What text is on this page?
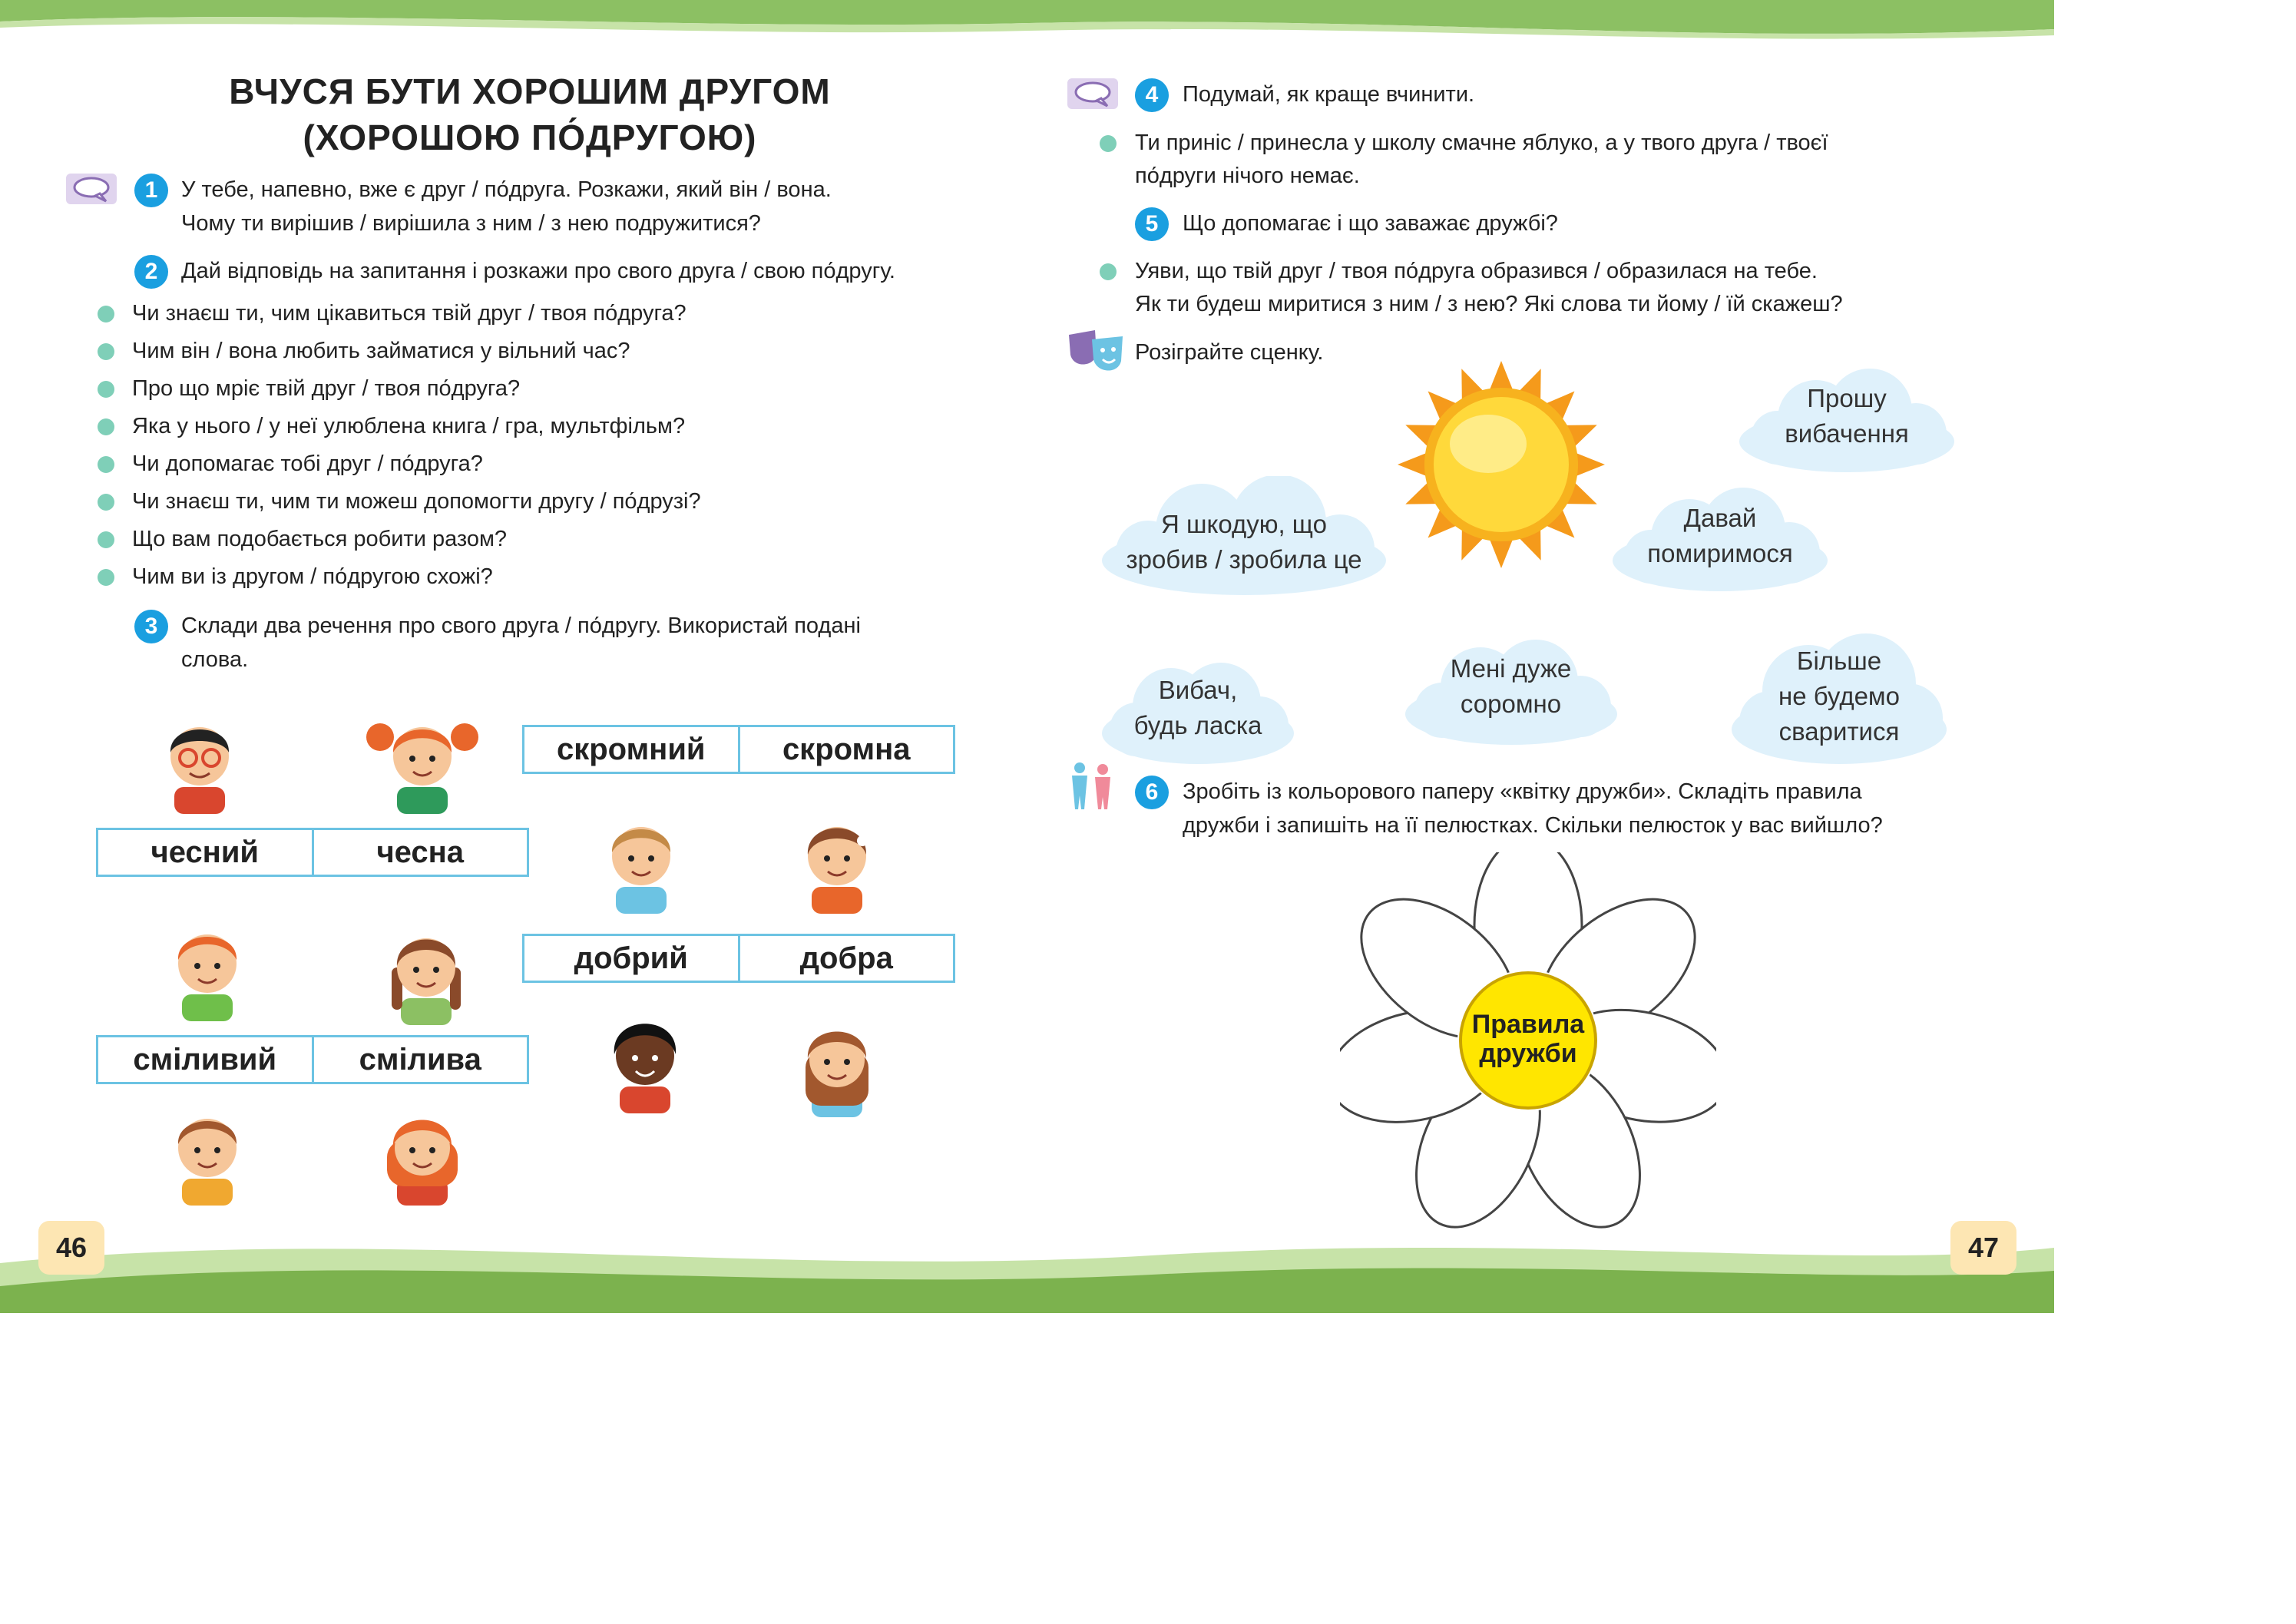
ВЧУСЯ БУТИ ХОРОШИМ ДРУГОМ
(ХОРОШОЮ ПО́ДРУГОЮ)
1	У тебе, напевно, вже є друг / по́друга. Розкажи, який він / вона.
Чому ти вирішив / вирішила з ним / з нею подружитися?
2	Дай відповідь на запитання і розкажи про свого друга / свою по́другу.
Чи знаєш ти, чим цікавиться твій друг / твоя по́друга?
Чим він / вона любить займатися у вільний час?
Про що мріє твій друг / твоя по́друга?
Яка у нього / у неї улюблена книга / гра, мультфільм?
Чи допомагає тобі друг / по́друга?
Чи знаєш ти, чим ти можеш допомогти другу / по́друзі?
Що вам подобається робити разом?
Чим ви із другом / по́другою схожі?
3	Склади два речення про свого друга / по́другу. Використай подані
слова.
скромний	скромна
чесний	чесна
добрий	добра
сміливий	смілива
46
4	Подумай, як краще вчинити.
Ти приніс / принесла у школу смачне яблуко, а у твого друга / твоєї
по́други нічого немає.
5	Що допомагає і що заважає дружбі?
Уяви, що твій друг / твоя по́друга образився / образилася на тебе.
Як ти будеш миритися з ним / з нею? Які слова ти йому / їй скажеш?
Розіграйте сценку.
Прошу
вибачення
Я шкодую, що
зробив / зробила це
Давай
помиримося
Вибач,
будь ласка
Мені дуже
соромно
Більше
не будемо
сваритися
6	Зробіть із кольорового паперу «квітку дружби». Складіть правила
дружби і запишіть на її пелюстках. Скільки пелюсток у вас вийшло?
Правила
дружби
47
